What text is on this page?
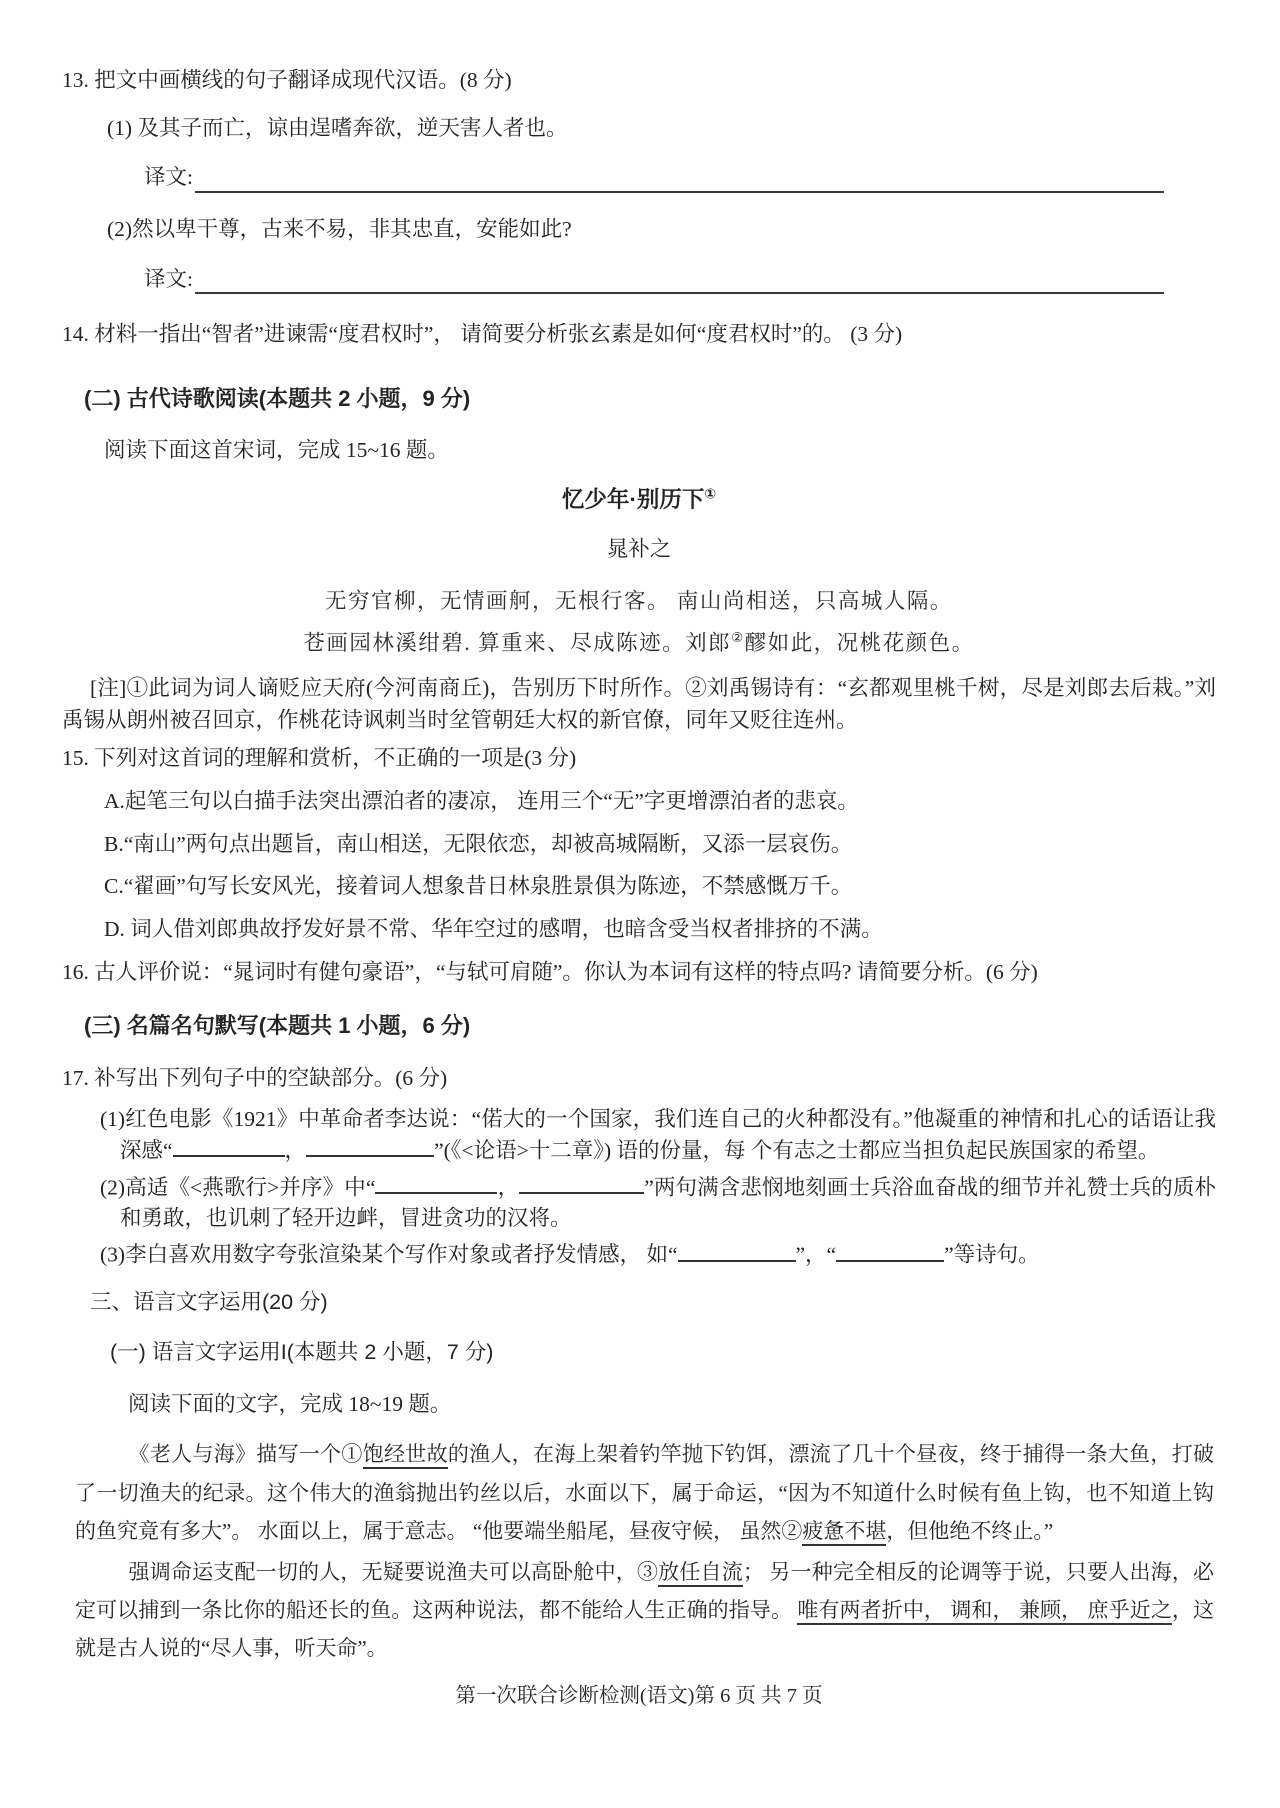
13. 把文中画横线的句子翻译成现代汉语。(8 分)

(1) 及其子而亡，谅由逞嗜奔欲，逆天害人者也。

译文:

(2)然以卑干尊，古来不易，非其忠直，安能如此?

译文:

14. 材料一指出“智者”进谏需“度君权时”， 请简要分析张玄素是如何“度君权时”的。 (3 分)

(二) 古代诗歌阅读(本题共 2 小题，9 分)

阅读下面这首宋词，完成 15~16 题。

忆少年·别历下①

晁补之

无穷官柳，无情画舸，无根行客。 南山尚相送，只高城人隔。

苍画园林溪绀碧. 算重来、尽成陈迹。刘郎②醪如此，况桃花颜色。

[注]①此词为词人谪贬应天府(今河南商丘)，告别历下时所作。②刘禹锡诗有：“玄都观里桃千树，尽是刘郎去后栽。”刘禹锡从朗州被召回京，作桃花诗讽刺当时坌管朝廷大权的新官僚，同年又贬往连州。

15. 下列对这首词的理解和赏析，不正确的一项是(3 分)

A.起笔三句以白描手法突出漂泊者的凄凉， 连用三个“无”字更增漂泊者的悲哀。

B.“南山”两句点出题旨，南山相送，无限依恋，却被高城隔断，又添一层哀伤。

C.“翟画”句写长安风光，接着词人想象昔日林泉胜景俱为陈迹，不禁感慨万千。

D. 词人借刘郎典故抒发好景不常、华年空过的感喟，也暗含受当权者排挤的不满。

16. 古人评价说：“晁词时有健句豪语”，“与轼可肩随”。你认为本词有这样的特点吗? 请简要分析。(6 分)

(三) 名篇名句默写(本题共 1 小题，6 分)

17. 补写出下列句子中的空缺部分。(6 分)

(1)红色电影《1921》中革命者李达说：“偌大的一个国家，我们连自己的火种都没有。”他凝重的神情和扎心的话语让我深感“	，	”(《<论语>十二章》) 语的份量，每 个有志之士都应当担负起民族国家的希望。

(2)高适《<燕歌行>并序》中“	，	”两句满含悲悯地刻画士兵浴血奋战的细节并礼赞士兵的质朴和勇敢，也讥刺了轻开边衅，冒进贪功的汉将。

(3)李白喜欢用数字夸张渲染某个写作对象或者抒发情感， 如“	”，“	”等诗句。

三、语言文字运用(20 分)

(一) 语言文字运用I(本题共 2 小题，7 分)

阅读下面的文字，完成 18~19 题。

《老人与海》描写一个①饱经世故的渔人，在海上架着钓竿抛下钓饵，漂流了几十个昼夜，终于捕得一条大鱼，打破了一切渔夫的纪录。这个伟大的渔翁抛出钓丝以后，水面以下，属于命运，“因为不知道什么时候有鱼上钩，也不知道上钩的鱼究竟有多大”。 水面以上，属于意志。 “他要端坐船尾，昼夜守候， 虽然②疲惫不堪，但他绝不终止。”

强调命运支配一切的人，无疑要说渔夫可以高卧舱中，③放任自流； 另一种完全相反的论调等于说，只要人出海，必定可以捕到一条比你的船还长的鱼。这两种说法，都不能给人生正确的指导。 唯有两者折中， 调和， 兼顾， 庶乎近之，这就是古人说的“尽人事，听天命”。

第一次联合诊断检测(语文)第 6 页 共 7 页
